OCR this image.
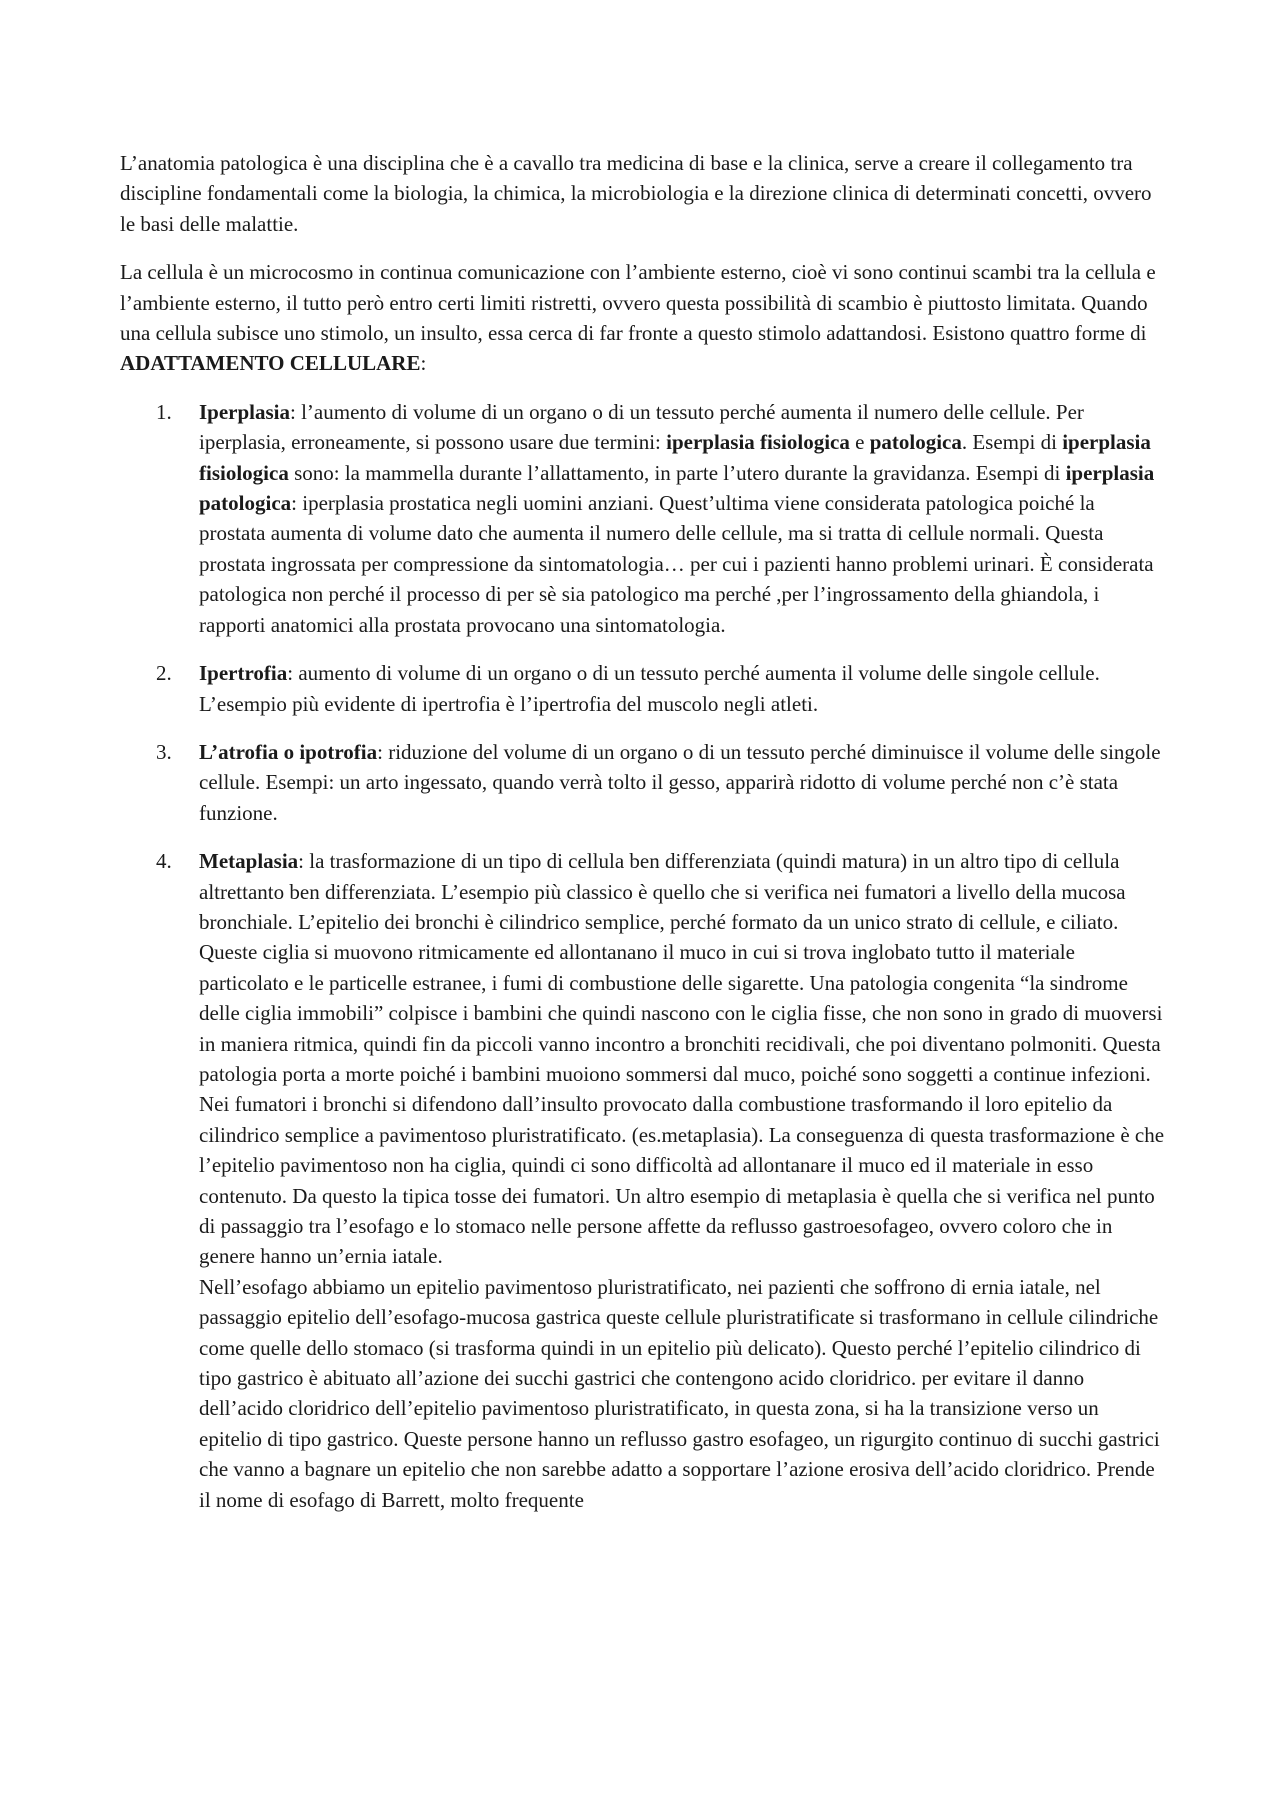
L’anatomia patologica è una disciplina che è a cavallo tra medicina di base e la clinica, serve a creare il collegamento tra discipline fondamentali come la biologia, la chimica, la microbiologia e la direzione clinica di determinati concetti, ovvero le basi delle malattie.

La cellula è un microcosmo in continua comunicazione con l’ambiente esterno, cioè vi sono continui scambi tra la cellula e l’ambiente esterno, il tutto però entro certi limiti ristretti, ovvero questa possibilità di scambio è piuttosto limitata. Quando una cellula subisce uno stimolo, un insulto, essa cerca di far fronte a questo stimolo adattandosi. Esistono quattro forme di ADATTAMENTO CELLULARE:

1. Iperplasia: l’aumento di volume di un organo o di un tessuto perché aumenta il numero delle cellule. Per iperplasia, erroneamente, si possono usare due termini: iperplasia fisiologica e patologica. Esempi di iperplasia fisiologica sono: la mammella durante l’allattamento, in parte l’utero durante la gravidanza. Esempi di iperplasia patologica: iperplasia prostatica negli uomini anziani. Quest’ultima viene considerata patologica poiché la prostata aumenta di volume dato che aumenta il numero delle cellule, ma si tratta di cellule normali. Questa prostata ingrossata per compressione da sintomatologia… per cui i pazienti hanno problemi urinari. È considerata patologica non perché il processo di per sè sia patologico ma perché ,per l’ingrossamento della ghiandola, i rapporti anatomici alla prostata provocano una sintomatologia.
2. Ipertrofia: aumento di volume di un organo o di un tessuto perché aumenta il volume delle singole cellule. L’esempio più evidente di ipertrofia è l’ipertrofia del muscolo negli atleti.
3. L’atrofia o ipotrofia: riduzione del volume di un organo o di un tessuto perché diminuisce il volume delle singole cellule. Esempi: un arto ingessato, quando verrà tolto il gesso, apparirà ridotto di volume perché non c’è stata funzione.
4. Metaplasia: la trasformazione di un tipo di cellula ben differenziata (quindi matura) in un altro tipo di cellula altrettanto ben differenziata. L’esempio più classico è quello che si verifica nei fumatori a livello della mucosa bronchiale. L’epitelio dei bronchi è cilindrico semplice, perché formato da un unico strato di cellule, e ciliato. Queste ciglia si muovono ritmicamente ed allontanano il muco in cui si trova inglobato tutto il materiale particolato e le particelle estranee, i fumi di combustione delle sigarette. Una patologia congenita “la sindrome delle ciglia immobili” colpisce i bambini che quindi nascono con le ciglia fisse, che non sono in grado di muoversi in maniera ritmica, quindi fin da piccoli vanno incontro a bronchiti recidivali, che poi diventano polmoniti. Questa patologia porta a morte poiché i bambini muoiono sommersi dal muco, poiché sono soggetti a continue infezioni. Nei fumatori i bronchi si difendono dall’insulto provocato dalla combustione trasformando il loro epitelio da cilindrico semplice a pavimentoso pluristratificato. (es.metaplasia). La conseguenza di questa trasformazione è che l’epitelio pavimentoso non ha ciglia, quindi ci sono difficoltà ad allontanare il muco ed il materiale in esso contenuto. Da questo la tipica tosse dei fumatori. Un altro esempio di metaplasia è quella che si verifica nel punto di passaggio tra l’esofago e lo stomaco nelle persone affette da reflusso gastroesofageo, ovvero coloro che in genere hanno un’ernia iatale.
Nell’esofago abbiamo un epitelio pavimentoso pluristratificato, nei pazienti che soffrono di ernia iatale, nel passaggio epitelio dell’esofago-mucosa gastrica queste cellule pluristratificate si trasformano in cellule cilindriche come quelle dello stomaco (si trasforma quindi in un epitelio più delicato). Questo perché l’epitelio cilindrico di tipo gastrico è abituato all’azione dei succhi gastrici che contengono acido cloridrico. per evitare il danno dell’acido cloridrico dell’epitelio pavimentoso pluristratificato, in questa zona, si ha la transizione verso un epitelio di tipo gastrico. Queste persone hanno un reflusso gastro esofageo, un rigurgito continuo di succhi gastrici che vanno a bagnare un epitelio che non sarebbe adatto a sopportare l’azione erosiva dell’acido cloridrico. Prende il nome di esofago di Barrett, molto frequente
